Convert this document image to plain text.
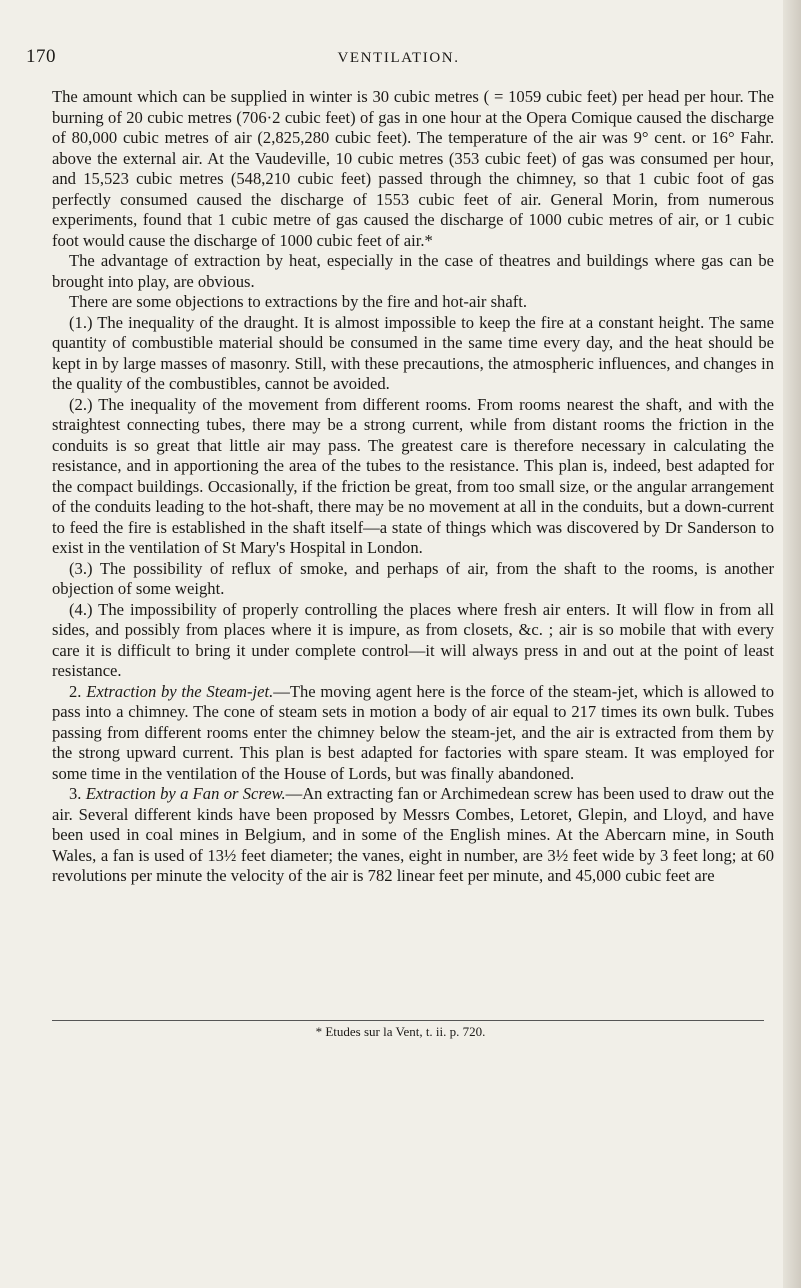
170	VENTILATION.

The amount which can be supplied in winter is 30 cubic metres ( = 1059 cubic feet) per head per hour. The burning of 20 cubic metres (706·2 cubic feet) of gas in one hour at the Opera Comique caused the discharge of 80,000 cubic metres of air (2,825,280 cubic feet). The temperature of the air was 9° cent. or 16° Fahr. above the external air. At the Vaudeville, 10 cubic metres (353 cubic feet) of gas was consumed per hour, and 15,523 cubic metres (548,210 cubic feet) passed through the chimney, so that 1 cubic foot of gas perfectly consumed caused the discharge of 1553 cubic feet of air. General Morin, from numerous experiments, found that 1 cubic metre of gas caused the discharge of 1000 cubic metres of air, or 1 cubic foot would cause the discharge of 1000 cubic feet of air.*

The advantage of extraction by heat, especially in the case of theatres and buildings where gas can be brought into play, are obvious.

There are some objections to extractions by the fire and hot-air shaft.

(1.) The inequality of the draught. It is almost impossible to keep the fire at a constant height. The same quantity of combustible material should be consumed in the same time every day, and the heat should be kept in by large masses of masonry. Still, with these precautions, the atmospheric influences, and changes in the quality of the combustibles, cannot be avoided.

(2.) The inequality of the movement from different rooms. From rooms nearest the shaft, and with the straightest connecting tubes, there may be a strong current, while from distant rooms the friction in the conduits is so great that little air may pass. The greatest care is therefore necessary in calculating the resistance, and in apportioning the area of the tubes to the resistance. This plan is, indeed, best adapted for the compact buildings. Occasionally, if the friction be great, from too small size, or the angular arrangement of the conduits leading to the hot-shaft, there may be no movement at all in the conduits, but a down-current to feed the fire is established in the shaft itself—a state of things which was discovered by Dr Sanderson to exist in the ventilation of St Mary's Hospital in London.

(3.) The possibility of reflux of smoke, and perhaps of air, from the shaft to the rooms, is another objection of some weight.

(4.) The impossibility of properly controlling the places where fresh air enters. It will flow in from all sides, and possibly from places where it is impure, as from closets, &c. ; air is so mobile that with every care it is difficult to bring it under complete control—it will always press in and out at the point of least resistance.

2. Extraction by the Steam-jet.—The moving agent here is the force of the steam-jet, which is allowed to pass into a chimney. The cone of steam sets in motion a body of air equal to 217 times its own bulk. Tubes passing from different rooms enter the chimney below the steam-jet, and the air is extracted from them by the strong upward current. This plan is best adapted for factories with spare steam. It was employed for some time in the ventilation of the House of Lords, but was finally abandoned.

3. Extraction by a Fan or Screw.—An extracting fan or Archimedean screw has been used to draw out the air. Several different kinds have been proposed by Messrs Combes, Letoret, Glepin, and Lloyd, and have been used in coal mines in Belgium, and in some of the English mines. At the Abercarn mine, in South Wales, a fan is used of 13½ feet diameter; the vanes, eight in number, are 3½ feet wide by 3 feet long; at 60 revolutions per minute the velocity of the air is 782 linear feet per minute, and 45,000 cubic feet are

* Etudes sur la Vent, t. ii. p. 720.
